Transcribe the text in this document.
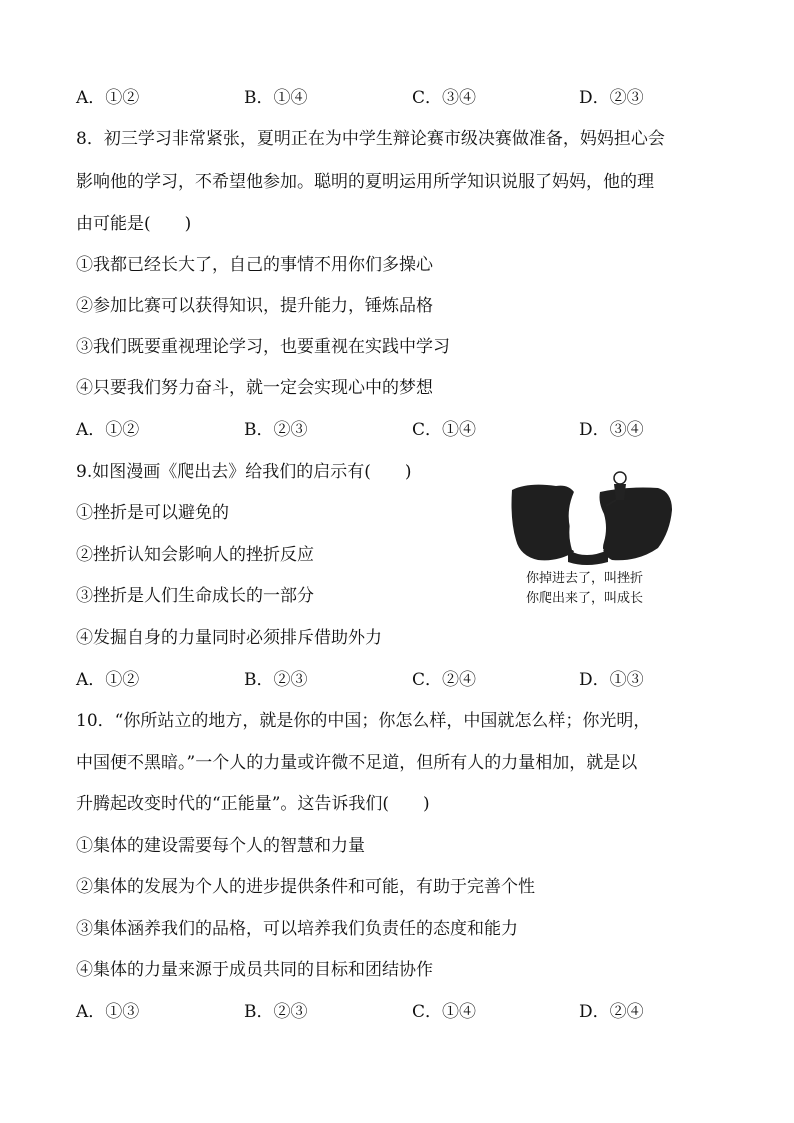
A．①②	B．①④	C．③④	D．②③
8．初三学习非常紧张，夏明正在为中学生辩论赛市级决赛做准备，妈妈担心会
影响他的学习，不希望他参加。聪明的夏明运用所学知识说服了妈妈，他的理
由可能是(　　)
①我都已经长大了，自己的事情不用你们多操心
②参加比赛可以获得知识，提升能力，锤炼品格
③我们既要重视理论学习，也要重视在实践中学习
④只要我们努力奋斗，就一定会实现心中的梦想
A．①②	B．②③	C．①④	D．③④
9.如图漫画《爬出去》给我们的启示有(　　)
①挫折是可以避免的
②挫折认知会影响人的挫折反应
③挫折是人们生命成长的一部分
④发掘自身的力量同时必须排斥借助外力
你掉进去了，叫挫折
你爬出来了，叫成长
A．①②	B．②③	C．②④	D．①③
10．“你所站立的地方，就是你的中国；你怎么样，中国就怎么样；你光明，
中国便不黑暗。”一个人的力量或许微不足道，但所有人的力量相加，就是以
升腾起改变时代的“正能量”。这告诉我们(　　)
①集体的建设需要每个人的智慧和力量
②集体的发展为个人的进步提供条件和可能，有助于完善个性
③集体涵养我们的品格，可以培养我们负责任的态度和能力
④集体的力量来源于成员共同的目标和团结协作
A．①③	B．②③	C．①④	D．②④
